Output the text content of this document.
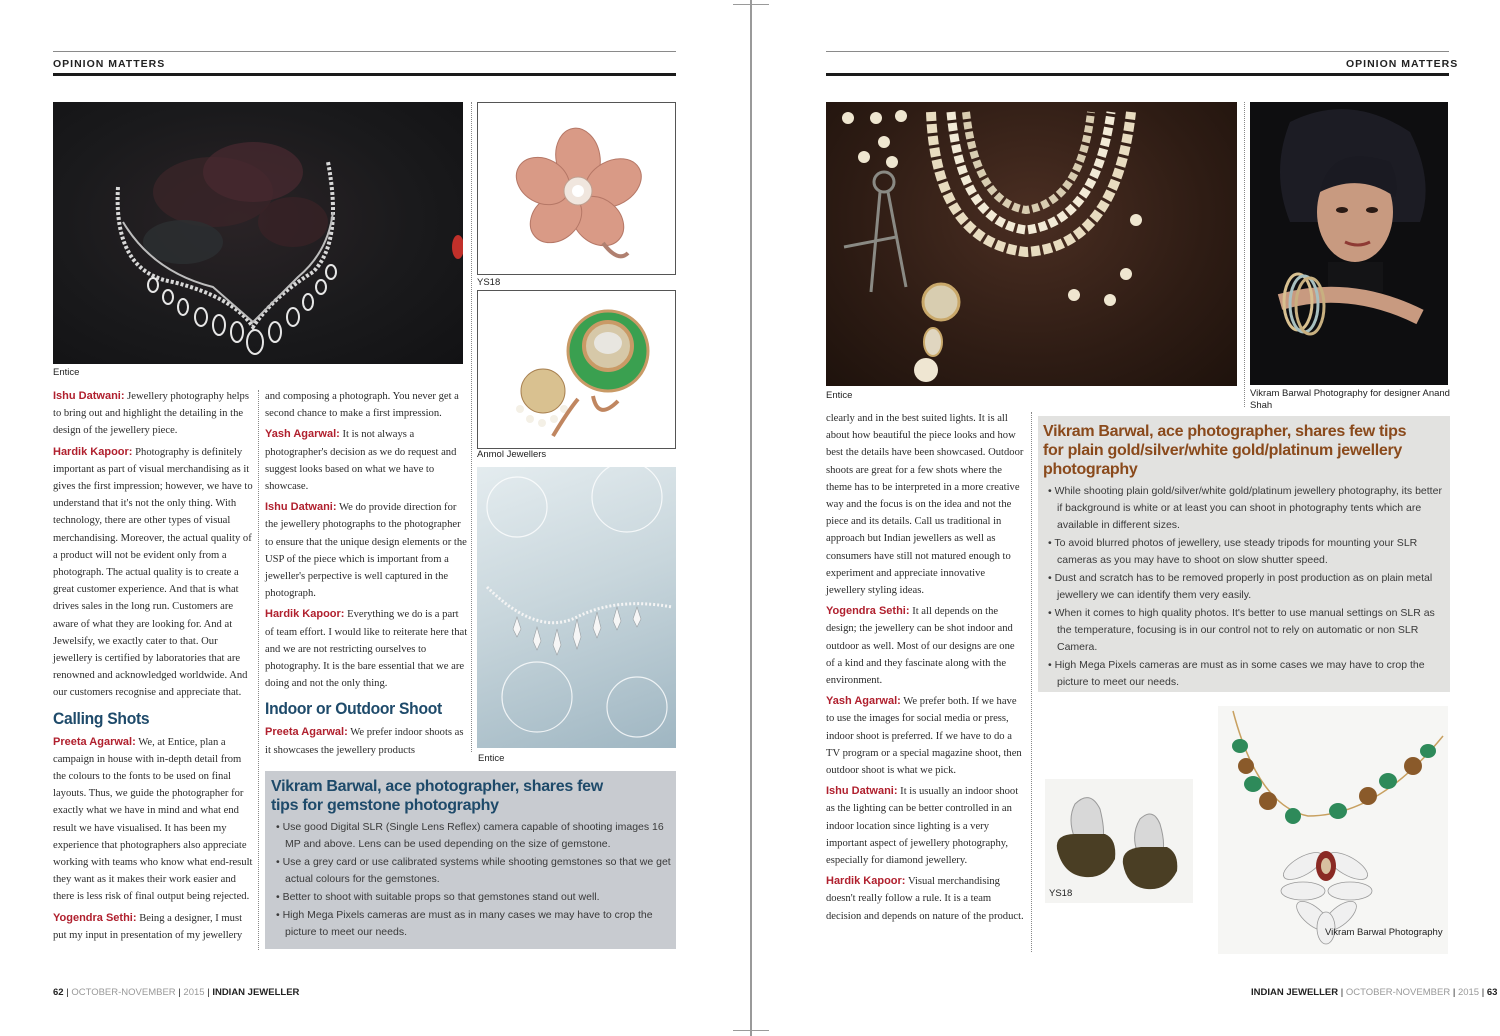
OPINION MATTERS
Entice
YS18
Anmol Jewellers
Entice

Ishu Datwani: Jewellery photography helps to bring out and highlight the detailing in the design of the jewellery piece.

Hardik Kapoor: Photography is definitely important as part of visual merchandising as it gives the first impression; however, we have to understand that it's not the only thing. With technology, there are other types of visual merchandising. Moreover, the actual quality of a product will not be evident only from a photograph. The actual quality is to create a great customer experience. And that is what drives sales in the long run. Customers are aware of what they are looking for. And at Jewelsify, we exactly cater to that. Our jewellery is certified by laboratories that are renowned and acknowledged worldwide. And our customers recognise and appreciate that.

Calling Shots

Preeta Agarwal: We, at Entice, plan a campaign in house with in-depth detail from the colours to the fonts to be used on final layouts. Thus, we guide the photographer for exactly what we have in mind and what end result we have visualised. It has been my experience that photographers also appreciate working with teams who know what end-result they want as it makes their work easier and there is less risk of final output being rejected.

Yogendra Sethi: Being a designer, I must put my input in presentation of my jewellery

and composing a photograph. You never get a second chance to make a first impression.

Yash Agarwal: It is not always a photographer's decision as we do request and suggest looks based on what we have to showcase.

Ishu Datwani: We do provide direction for the jewellery photographs to the photographer to ensure that the unique design elements or the USP of the piece which is important from a jeweller's perpective is well captured in the photograph.

Hardik Kapoor: Everything we do is a part of team effort. I would like to reiterate here that and we are not restricting ourselves to photography. It is the bare essential that we are doing and not the only thing.

Indoor or Outdoor Shoot

Preeta Agarwal: We prefer indoor shoots as it showcases the jewellery products

Vikram Barwal, ace photographer, shares few
tips for gemstone photography
• Use good Digital SLR (Single Lens Reflex) camera capable of shooting images 16 MP and above. Lens can be used depending on the size of gemstone.
• Use a grey card or use calibrated systems while shooting gemstones so that we get actual colours for the gemstones.
• Better to shoot with suitable props so that gemstones stand out well.
• High Mega Pixels cameras are must as in many cases we may have to crop the picture to meet our needs.
62 | OCTOBER-NOVEMBER | 2015 | INDIAN JEWELLER
OPINION MATTERS
Entice	Vikram Barwal Photography for designer Anand Shah

clearly and in the best suited lights. It is all about how beautiful the piece looks and how best the details have been showcased. Outdoor shoots are great for a few shots where the theme has to be interpreted in a more creative way and the focus is on the idea and not the piece and its details. Call us traditional in approach but Indian jewellers as well as consumers have still not matured enough to experiment and appreciate innovative jewellery styling ideas.

Yogendra Sethi: It all depends on the design; the jewellery can be shot indoor and outdoor as well. Most of our designs are one of a kind and they fascinate along with the environment.

Yash Agarwal: We prefer both. If we have to use the images for social media or press, indoor shoot is preferred. If we have to do a TV program or a special magazine shoot, then outdoor shoot is what we pick.

Ishu Datwani: It is usually an indoor shoot as the lighting can be better controlled in an indoor location since lighting is a very important aspect of jewellery photography, especially for diamond jewellery.

Hardik Kapoor: Visual merchandising doesn't really follow a rule. It is a team decision and depends on nature of the product.

Vikram Barwal, ace photographer, shares few tips
for plain gold/silver/white gold/platinum jewellery
photography
• While shooting plain gold/silver/white gold/platinum jewellery photography, its better if background is white or at least you can shoot in photography tents which are available in different sizes.
• To avoid blurred photos of jewellery, use steady tripods for mounting your SLR cameras as you may have to shoot on slow shutter speed.
• Dust and scratch has to be removed properly in post production as on plain metal jewellery we can identify them very easily.
• When it comes to high quality photos. It's better to use manual settings on SLR as the temperature, focusing is in our control not to rely on automatic or non SLR Camera.
• High Mega Pixels cameras are must as in some cases we may have to crop the picture to meet our needs.
YS18
Vikram Barwal Photography
INDIAN JEWELLER | OCTOBER-NOVEMBER | 2015 | 63
